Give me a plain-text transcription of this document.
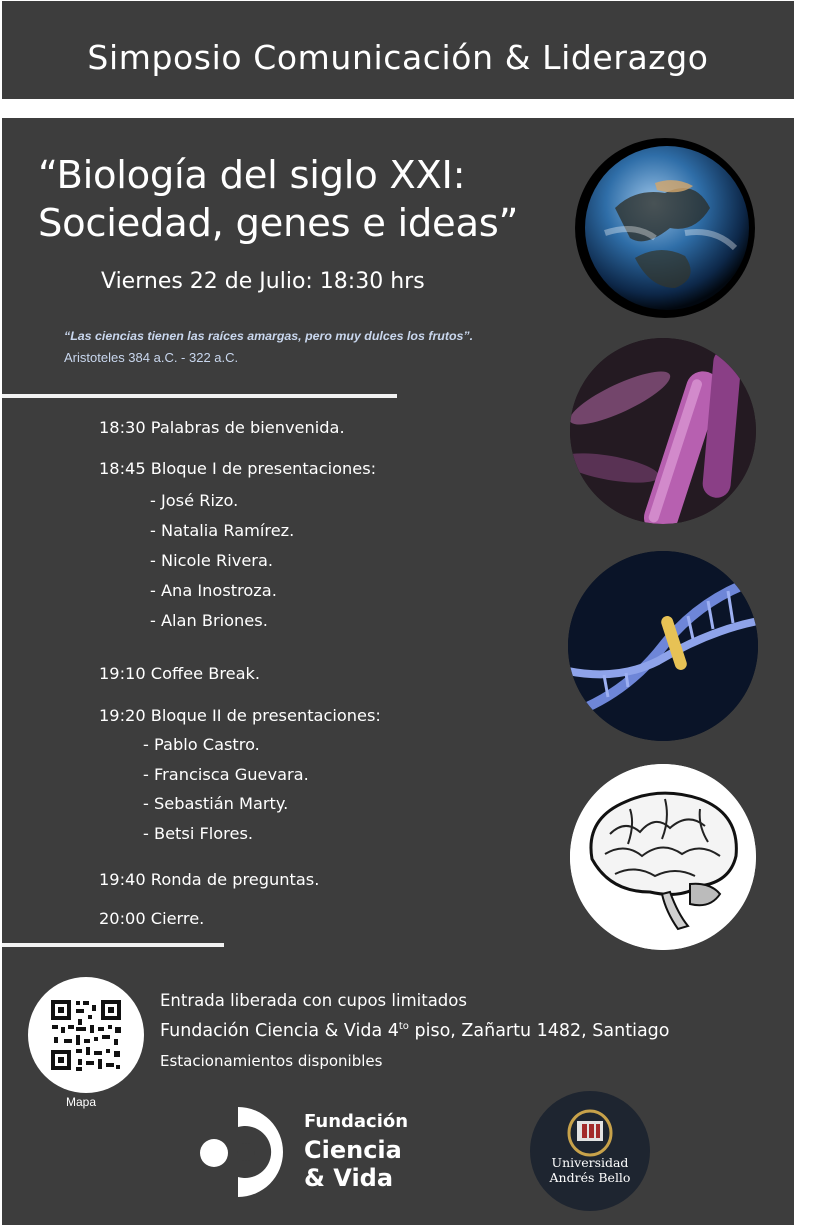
Simposio Comunicación & Liderazgo
“Biología del siglo XXI:
Sociedad, genes e ideas”
Viernes 22 de Julio: 18:30 hrs
“Las ciencias tienen las raíces amargas, pero muy dulces los frutos”.
Aristoteles 384 a.C. - 322 a.C.
18:30 Palabras de bienvenida.
18:45 Bloque I de presentaciones:
- José Rizo.
- Natalia Ramírez.
- Nicole Rivera.
- Ana Inostroza.
- Alan Briones.
19:10 Coffee Break.
19:20 Bloque II de presentaciones:
- Pablo Castro.
- Francisca Guevara.
- Sebastián Marty.
- Betsi Flores.
19:40 Ronda de preguntas.
20:00 Cierre.
Mapa
Entrada liberada con cupos limitados
Fundación Ciencia & Vida $4^{to}$ piso, Zañartu 1482, Santiago
Estacionamientos disponibles
Fundación
Ciencia
& Vida
Universidad
Andrés Bello
